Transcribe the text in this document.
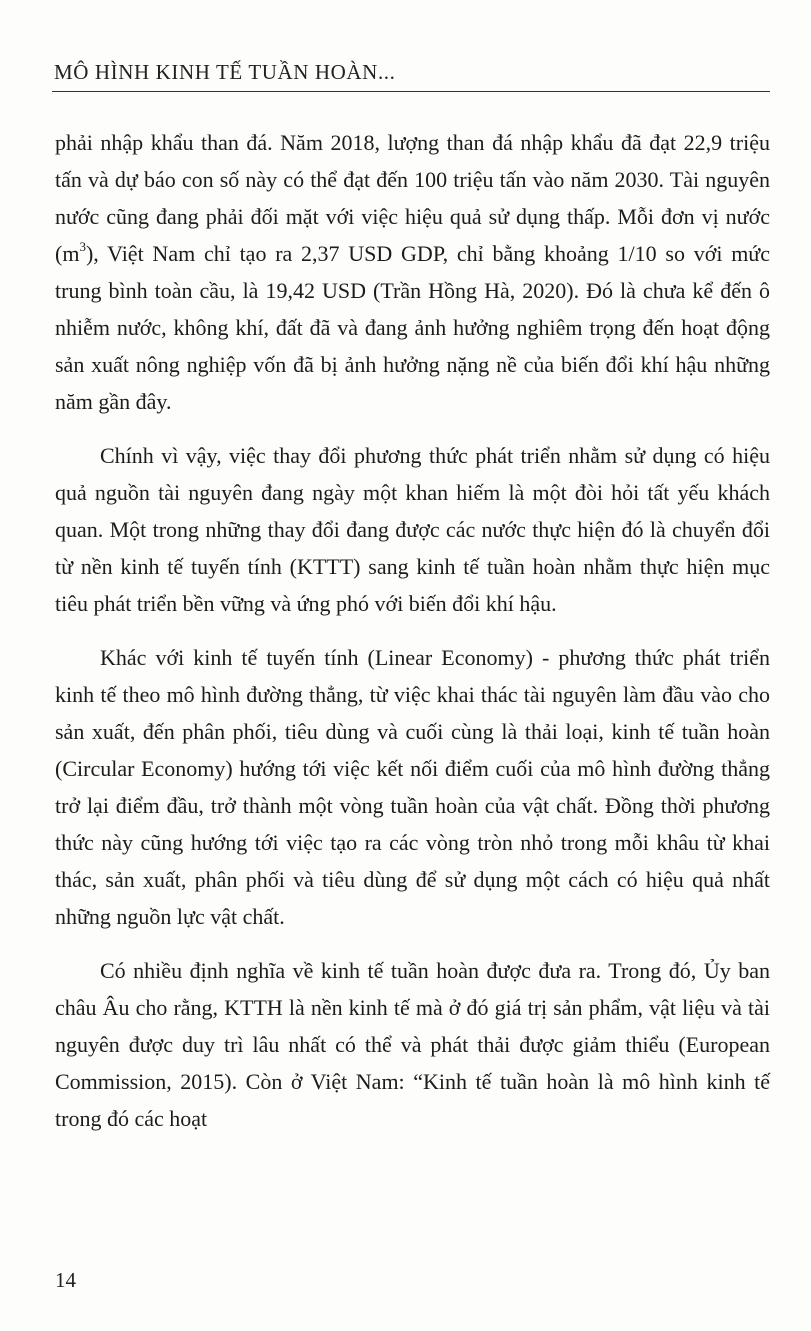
MÔ HÌNH KINH TẾ TUẦN HOÀN...

phải nhập khẩu than đá. Năm 2018, lượng than đá nhập khẩu đã đạt 22,9 triệu tấn và dự báo con số này có thể đạt đến 100 triệu tấn vào năm 2030. Tài nguyên nước cũng đang phải đối mặt với việc hiệu quả sử dụng thấp. Mỗi đơn vị nước $(m^3)$, Việt Nam chỉ tạo ra 2,37 USD GDP, chỉ bằng khoảng 1/10 so với mức trung bình toàn cầu, là 19,42 USD (Trần Hồng Hà, 2020). Đó là chưa kể đến ô nhiễm nước, không khí, đất đã và đang ảnh hưởng nghiêm trọng đến hoạt động sản xuất nông nghiệp vốn đã bị ảnh hưởng nặng nề của biến đổi khí hậu những năm gần đây.

Chính vì vậy, việc thay đổi phương thức phát triển nhằm sử dụng có hiệu quả nguồn tài nguyên đang ngày một khan hiếm là một đòi hỏi tất yếu khách quan. Một trong những thay đổi đang được các nước thực hiện đó là chuyển đổi từ nền kinh tế tuyến tính (KTTT) sang kinh tế tuần hoàn nhằm thực hiện mục tiêu phát triển bền vững và ứng phó với biến đổi khí hậu.

Khác với kinh tế tuyến tính (Linear Economy) - phương thức phát triển kinh tế theo mô hình đường thẳng, từ việc khai thác tài nguyên làm đầu vào cho sản xuất, đến phân phối, tiêu dùng và cuối cùng là thải loại, kinh tế tuần hoàn (Circular Economy) hướng tới việc kết nối điểm cuối của mô hình đường thẳng trở lại điểm đầu, trở thành một vòng tuần hoàn của vật chất. Đồng thời phương thức này cũng hướng tới việc tạo ra các vòng tròn nhỏ trong mỗi khâu từ khai thác, sản xuất, phân phối và tiêu dùng để sử dụng một cách có hiệu quả nhất những nguồn lực vật chất.

Có nhiều định nghĩa về kinh tế tuần hoàn được đưa ra. Trong đó, Ủy ban châu Âu cho rằng, KTTH là nền kinh tế mà ở đó giá trị sản phẩm, vật liệu và tài nguyên được duy trì lâu nhất có thể và phát thải được giảm thiểu (European Commission, 2015). Còn ở Việt Nam: “Kinh tế tuần hoàn là mô hình kinh tế trong đó các hoạt

14
